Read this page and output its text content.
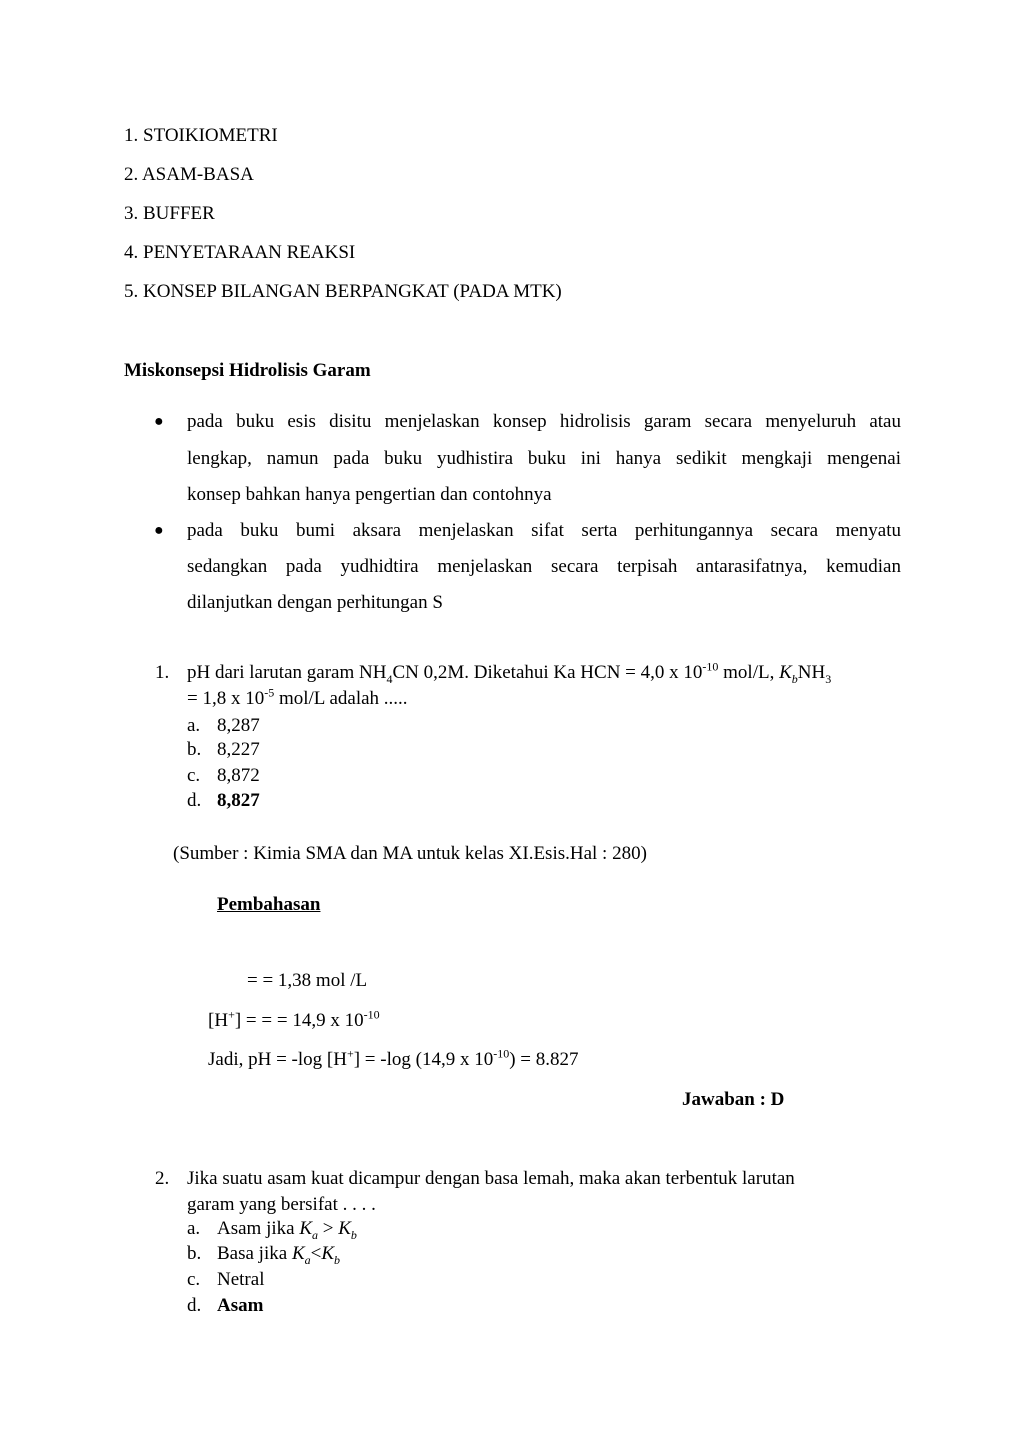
1. STOIKIOMETRI
2. ASAM-BASA
3. BUFFER
4. PENYETARAAN REAKSI
5. KONSEP BILANGAN BERPANGKAT (PADA MTK)
Miskonsepsi Hidrolisis Garam
● pada buku esis disitu menjelaskan konsep hidrolisis garam secara menyeluruh atau
lengkap, namun pada buku yudhistira buku ini hanya sedikit mengkaji mengenai
konsep bahkan hanya pengertian dan contohnya
● pada buku bumi aksara menjelaskan sifat serta perhitungannya secara menyatu
sedangkan pada yudhidtira menjelaskan secara terpisah antarasifatnya, kemudian
dilanjutkan dengan perhitungan S
1. pH dari larutan garam $NH_4CN$ 0,2M. Diketahui Ka HCN = 4,0 x $10^{-10}$ mol/L, $K_bNH_3$
= 1,8 x $10^{-5}$ mol/L adalah .....
a. 8,287
b. 8,227
c. 8,872
d. 8,827
(Sumber : Kimia SMA dan MA untuk kelas XI.Esis.Hal : 280)
Pembahasan
= = 1,38 mol /L
[H+] = = = 14,9 x $10^{-10}$
Jadi, pH = -log [H+] = -log (14,9 x $10^{-10}) = 8.827$
Jawaban : D
2. Jika suatu asam kuat dicampur dengan basa lemah, maka akan terbentuk larutan
garam yang bersifat . . . .
a. Asam jika $K_a > K_b$
b. Basa jika $K_a<K_b$
c. Netral
d. Asam
